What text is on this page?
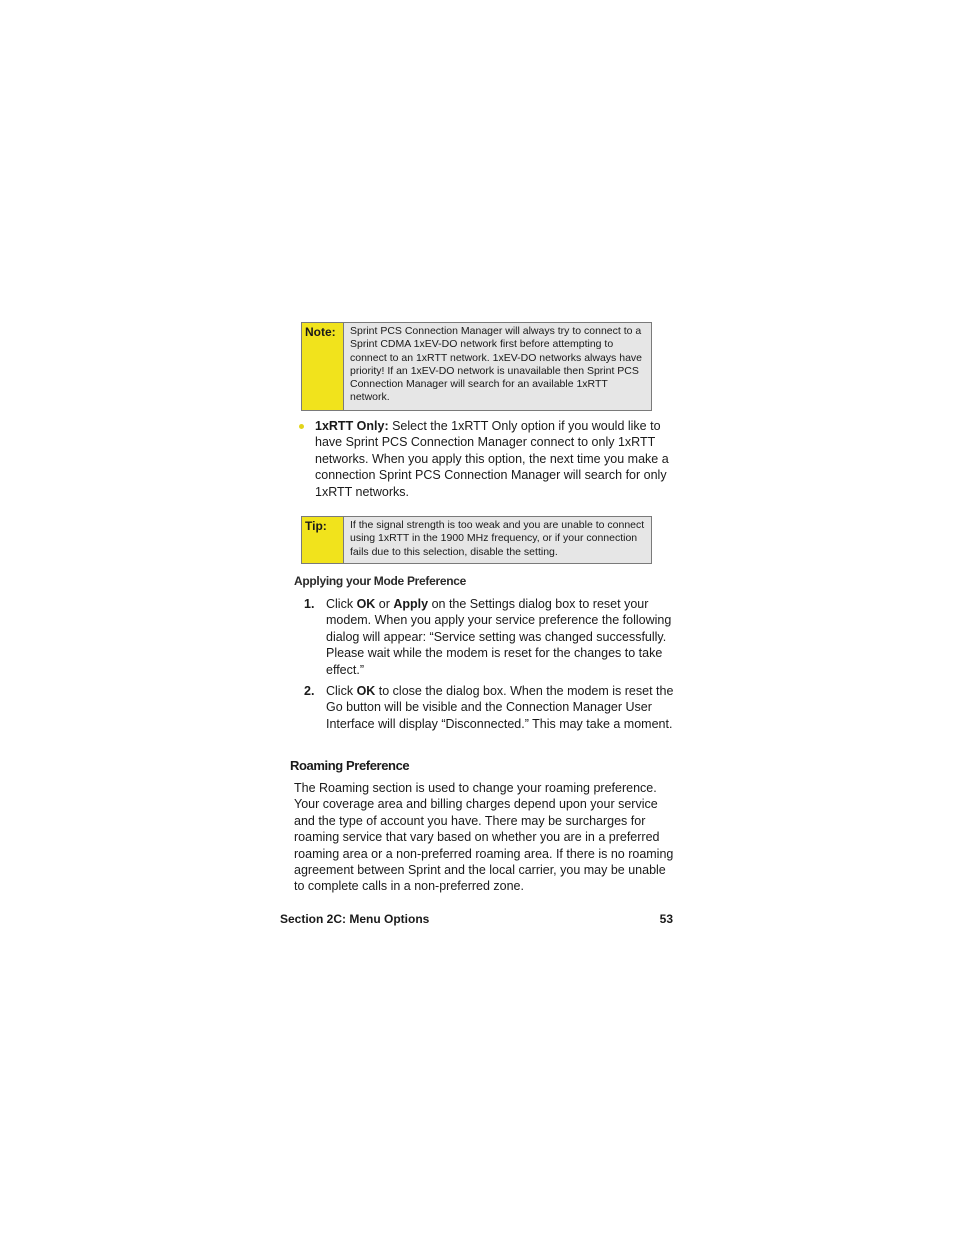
Note:	Sprint PCS Connection Manager will always try to connect to a Sprint CDMA 1xEV-DO network first before attempting to connect to an 1xRTT network. 1xEV-DO networks always have priority! If an 1xEV-DO network is unavailable then Sprint PCS Connection Manager will search for an available 1xRTT network.
1xRTT Only: Select the 1xRTT Only option if you would like to have Sprint PCS Connection Manager connect to only 1xRTT networks. When you apply this option, the next time you make a connection Sprint PCS Connection Manager will search for only 1xRTT networks.
Tip:	If the signal strength is too weak and you are unable to connect using 1xRTT in the 1900 MHz frequency, or if your connection fails due to this selection, disable the setting.
Applying your Mode Preference
1. Click OK or Apply on the Settings dialog box to reset your modem. When you apply your service preference the following dialog will appear: “Service setting was changed successfully. Please wait while the modem is reset for the changes to take effect.”
2. Click OK to close the dialog box. When the modem is reset the Go button will be visible and the Connection Manager User Interface will display “Disconnected.” This may take a moment.
Roaming Preference
The Roaming section is used to change your roaming preference. Your coverage area and billing charges depend upon your service and the type of account you have. There may be surcharges for roaming service that vary based on whether you are in a preferred roaming area or a non-preferred roaming area. If there is no roaming agreement between Sprint and the local carrier, you may be unable to complete calls in a non-preferred zone.
Section 2C: Menu Options	53
